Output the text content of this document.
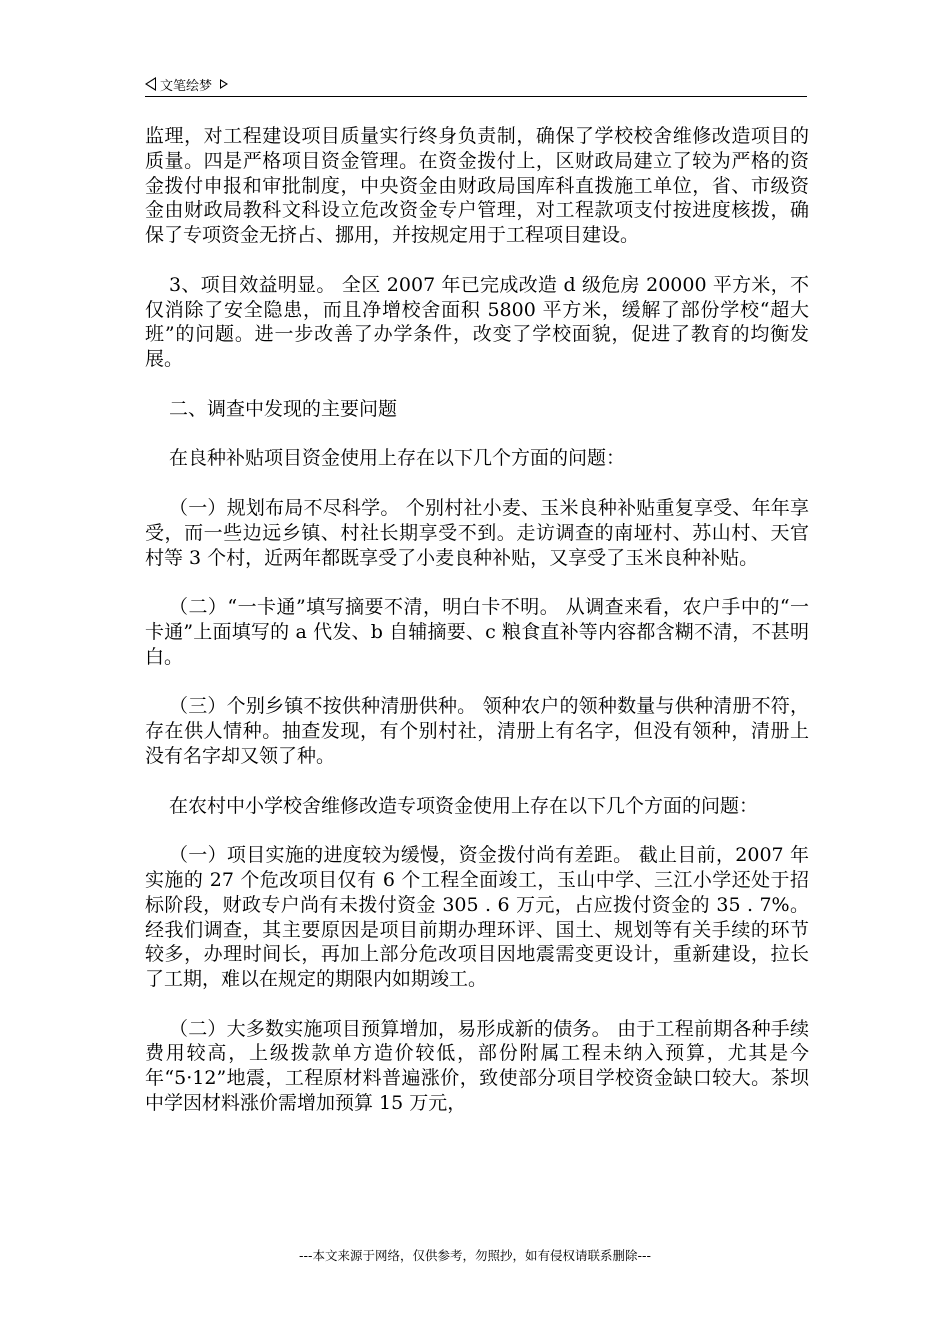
文笔绘梦

监理，对工程建设项目质量实行终身负责制，确保了学校校舍维修改造项目的质量。四是严格项目资金管理。在资金拨付上，区财政局建立了较为严格的资金拨付申报和审批制度，中央资金由财政局国库科直拨施工单位，省、市级资金由财政局教科文科设立危改资金专户管理，对工程款项支付按进度核拨，确保了专项资金无挤占、挪用，并按规定用于工程项目建设。

3、项目效益明显。 全区 2007 年已完成改造 d 级危房 20000 平方米，不仅消除了安全隐患，而且净增校舍面积 5800 平方米，缓解了部份学校“超大班”的问题。进一步改善了办学条件，改变了学校面貌，促进了教育的均衡发展。

二、调查中发现的主要问题

在良种补贴项目资金使用上存在以下几个方面的问题：

（一）规划布局不尽科学。 个别村社小麦、玉米良种补贴重复享受、年年享受，而一些边远乡镇、村社长期享受不到。走访调查的南垭村、苏山村、天官村等 3 个村，近两年都既享受了小麦良种补贴，又享受了玉米良种补贴。

（二）“一卡通”填写摘要不清，明白卡不明。 从调查来看，农户手中的“一卡通”上面填写的 a 代发、b 自辅摘要、c 粮食直补等内容都含糊不清，不甚明白。

（三）个别乡镇不按供种清册供种。 领种农户的领种数量与供种清册不符，存在供人情种。抽查发现，有个别村社，清册上有名字，但没有领种，清册上没有名字却又领了种。

在农村中小学校舍维修改造专项资金使用上存在以下几个方面的问题：

（一）项目实施的进度较为缓慢，资金拨付尚有差距。 截止目前，2007 年实施的 27 个危改项目仅有 6 个工程全面竣工，玉山中学、三江小学还处于招标阶段，财政专户尚有未拨付资金 305 . 6 万元，占应拨付资金的 35 . 7%。经我们调查，其主要原因是项目前期办理环评、国土、规划等有关手续的环节较多，办理时间长，再加上部分危改项目因地震需变更设计，重新建设，拉长了工期，难以在规定的期限内如期竣工。

（二）大多数实施项目预算增加，易形成新的债务。 由于工程前期各种手续费用较高，上级拨款单方造价较低，部份附属工程未纳入预算，尤其是今年“5·12”地震，工程原材料普遍涨价，致使部分项目学校资金缺口较大。茶坝中学因材料涨价需增加预算 15 万元，

---本文来源于网络，仅供参考，勿照抄，如有侵权请联系删除---
